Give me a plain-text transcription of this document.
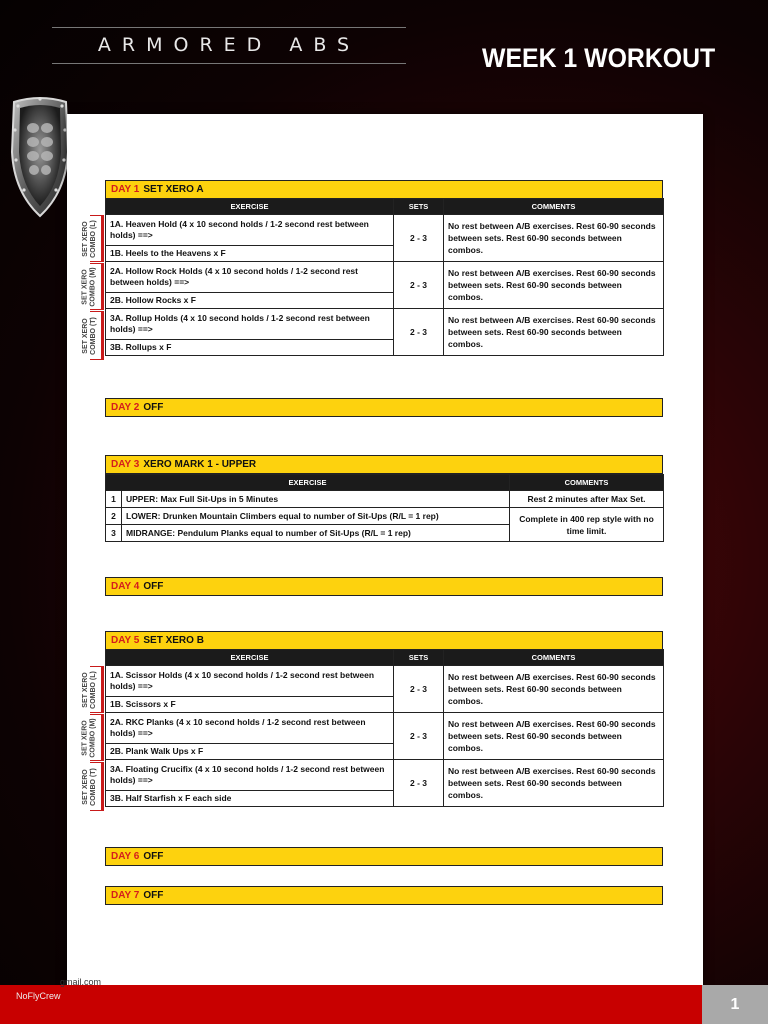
ARMORED ABS	WEEK 1 WORKOUT
DAY 1 SET XERO A
EXERCISE	SETS	COMMENTS
1A. Heaven Hold (4 x 10 second holds / 1-2 second rest between holds) ==>	2 - 3	No rest between A/B exercises. Rest 60-90 seconds between sets. Rest 60-90 seconds between combos.
1B. Heels to the Heavens x F		
2A. Hollow Rock Holds (4 x 10 second holds / 1-2 second rest between holds) ==>	2 - 3	No rest between A/B exercises. Rest 60-90 seconds between sets. Rest 60-90 seconds between combos.
2B. Hollow Rocks x F		
3A. Rollup Holds (4 x 10 second holds / 1-2 second rest between holds) ==>	2 - 3	No rest between A/B exercises. Rest 60-90 seconds between sets. Rest 60-90 seconds between combos.
3B. Rollups x F		
SET XERO
COMBO (L)
SET XERO
COMBO (M)
SET XERO
COMBO (T)
DAY 2 OFF
DAY 3 XERO MARK 1 - UPPER
EXERCISE		COMMENTS
1	UPPER: Max Full Sit-Ups in 5 Minutes	Rest 2 minutes after Max Set.
2	LOWER: Drunken Mountain Climbers equal to number of Sit-Ups (R/L = 1 rep)	Complete in 400 rep style with no time limit.
3	MIDRANGE: Pendulum Planks equal to number of Sit-Ups (R/L = 1 rep)	
DAY 4 OFF
DAY 5 SET XERO B
EXERCISE	SETS	COMMENTS
1A. Scissor Holds (4 x 10 second holds / 1-2 second rest between holds) ==>	2 - 3	No rest between A/B exercises. Rest 60-90 seconds between sets. Rest 60-90 seconds between combos.
1B. Scissors x F		
2A. RKC Planks (4 x 10 second holds / 1-2 second rest between holds) ==>	2 - 3	No rest between A/B exercises. Rest 60-90 seconds between sets. Rest 60-90 seconds between combos.
2B. Plank Walk Ups x F		
3A. Floating Crucifix (4 x 10 second holds / 1-2 second rest between holds) ==>	2 - 3	No rest between A/B exercises. Rest 60-90 seconds between sets. Rest 60-90 seconds between combos.
3B. Half Starfish x F each side		
SET XERO
COMBO (L)
SET XERO
COMBO (M)
SET XERO
COMBO (T)
DAY 6 OFF
DAY 7 OFF
1
gmail.com
NoFlyCrew
